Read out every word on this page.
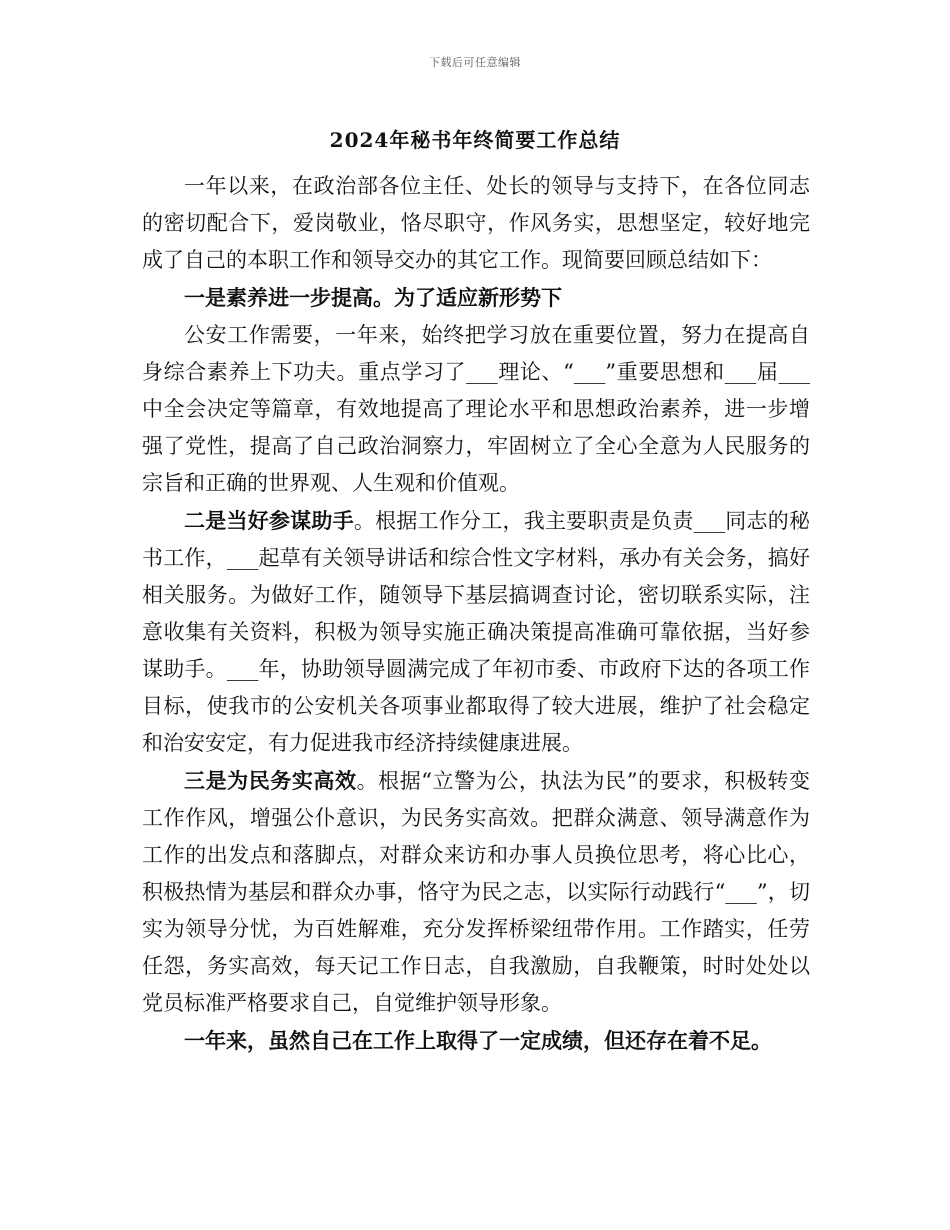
下载后可任意编辑
2024年秘书年终简要工作总结

一年以来，在政治部各位主任、处长的领导与支持下，在各位同志的密切配合下，爱岗敬业，恪尽职守，作风务实，思想坚定，较好地完成了自己的本职工作和领导交办的其它工作。现简要回顾总结如下：

一是素养进一步提高。为了适应新形势下

公安工作需要，一年来，始终把学习放在重要位置，努力在提高自身综合素养上下功夫。重点学习了___理论、“___”重要思想和___届___中全会决定等篇章，有效地提高了理论水平和思想政治素养，进一步增强了党性，提高了自己政治洞察力，牢固树立了全心全意为人民服务的宗旨和正确的世界观、人生观和价值观。

二是当好参谋助手。根据工作分工，我主要职责是负责___同志的秘书工作，___起草有关领导讲话和综合性文字材料，承办有关会务，搞好相关服务。为做好工作，随领导下基层搞调查讨论，密切联系实际，注意收集有关资料，积极为领导实施正确决策提高准确可靠依据，当好参谋助手。___年，协助领导圆满完成了年初市委、市政府下达的各项工作目标，使我市的公安机关各项事业都取得了较大进展，维护了社会稳定和治安安定，有力促进我市经济持续健康进展。

三是为民务实高效。根据“立警为公，执法为民”的要求，积极转变工作作风，增强公仆意识，为民务实高效。把群众满意、领导满意作为工作的出发点和落脚点，对群众来访和办事人员换位思考，将心比心，积极热情为基层和群众办事，恪守为民之志，以实际行动践行“___”，切实为领导分忧，为百姓解难，充分发挥桥梁纽带作用。工作踏实，任劳任怨，务实高效，每天记工作日志，自我激励，自我鞭策，时时处处以党员标准严格要求自己，自觉维护领导形象。

一年来，虽然自己在工作上取得了一定成绩，但还存在着不足。
